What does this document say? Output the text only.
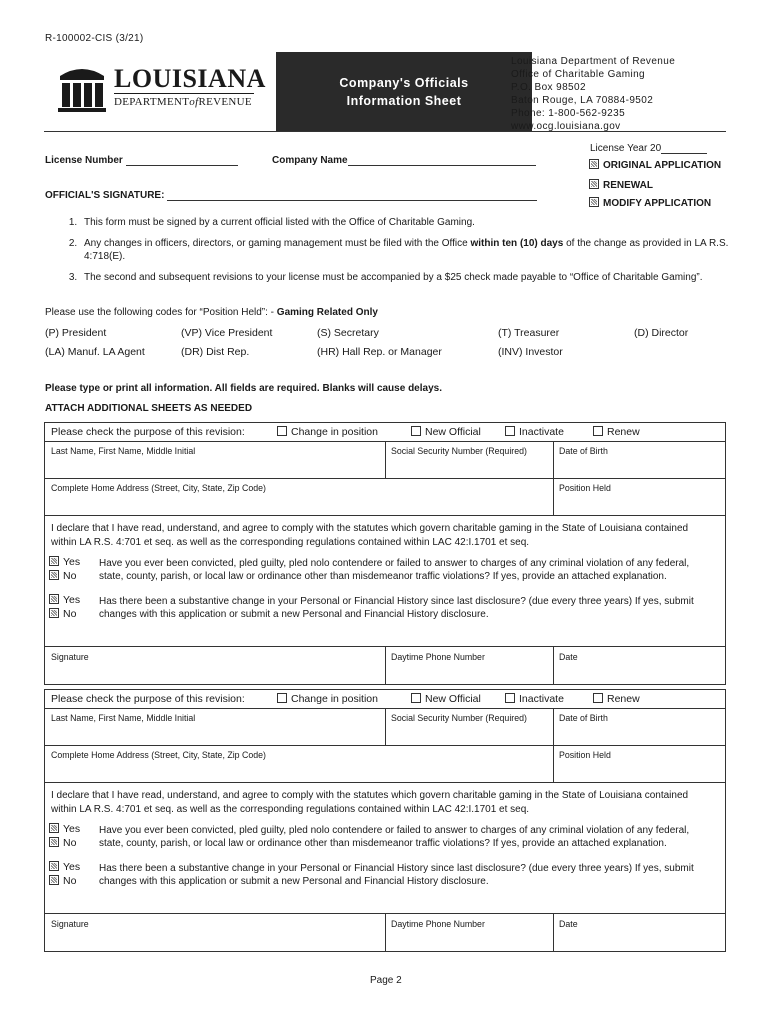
R-100002-CIS (3/21)
LOUISIANA
DEPARTMENTofREVENUE
Company's Officials
Information Sheet
Louisiana Department of Revenue
Office of Charitable Gaming
P.O. Box 98502
Baton Rouge, LA 70884-9502
Phone: 1-800-562-9235
www.ocg.louisiana.gov
License Year 20
License Number	Company Name
OFFICIAL'S SIGNATURE:
ORIGINAL APPLICATION
RENEWAL
MODIFY APPLICATION
1. This form must be signed by a current official listed with the Office of Charitable Gaming.
2. Any changes in officers, directors, or gaming management must be filed with the Office within ten (10) days of the change as provided in LA R.S. 4:718(E).
3. The second and subsequent revisions to your license must be accompanied by a $25 check made payable to “Office of Charitable Gaming”.
Please use the following codes for “Position Held”: - Gaming Related Only
(P) President	(VP) Vice President	(S) Secretary	(T) Treasurer	(D) Director
(LA) Manuf. LA Agent	(DR) Dist Rep.	(HR) Hall Rep. or Manager	(INV) Investor
Please type or print all information. All fields are required. Blanks will cause delays.
ATTACH ADDITIONAL SHEETS AS NEEDED
Please check the purpose of this revision:	Change in position	New Official	Inactivate	Renew
Last Name, First Name, Middle Initial	Social Security Number (Required)	Date of Birth
Complete Home Address (Street, City, State, Zip Code)	Position Held
I declare that I have read, understand, and agree to comply with the statutes which govern charitable gaming in the State of Louisiana contained within LA R.S. 4:701 et seq. as well as the corresponding regulations contained within LAC 42:I.1701 et seq.
Yes
No
Have you ever been convicted, pled guilty, pled nolo contendere or failed to answer to charges of any criminal violation of any federal, state, county, parish, or local law or ordinance other than misdemeanor traffic violations? If yes, provide an attached explanation.
Yes
No
Has there been a substantive change in your Personal or Financial History since last disclosure? (due every three years) If yes, submit changes with this application or submit a new Personal and Financial History disclosure.
Signature	Daytime Phone Number	Date
Please check the purpose of this revision:	Change in position	New Official	Inactivate	Renew
Last Name, First Name, Middle Initial	Social Security Number (Required)	Date of Birth
Complete Home Address (Street, City, State, Zip Code)	Position Held
I declare that I have read, understand, and agree to comply with the statutes which govern charitable gaming in the State of Louisiana contained within LA R.S. 4:701 et seq. as well as the corresponding regulations contained within LAC 42:I.1701 et seq.
Yes
No
Have you ever been convicted, pled guilty, pled nolo contendere or failed to answer to charges of any criminal violation of any federal, state, county, parish, or local law or ordinance other than misdemeanor traffic violations? If yes, provide an attached explanation.
Yes
No
Has there been a substantive change in your Personal or Financial History since last disclosure? (due every three years) If yes, submit changes with this application or submit a new Personal and Financial History disclosure.
Signature	Daytime Phone Number	Date
Page 2
